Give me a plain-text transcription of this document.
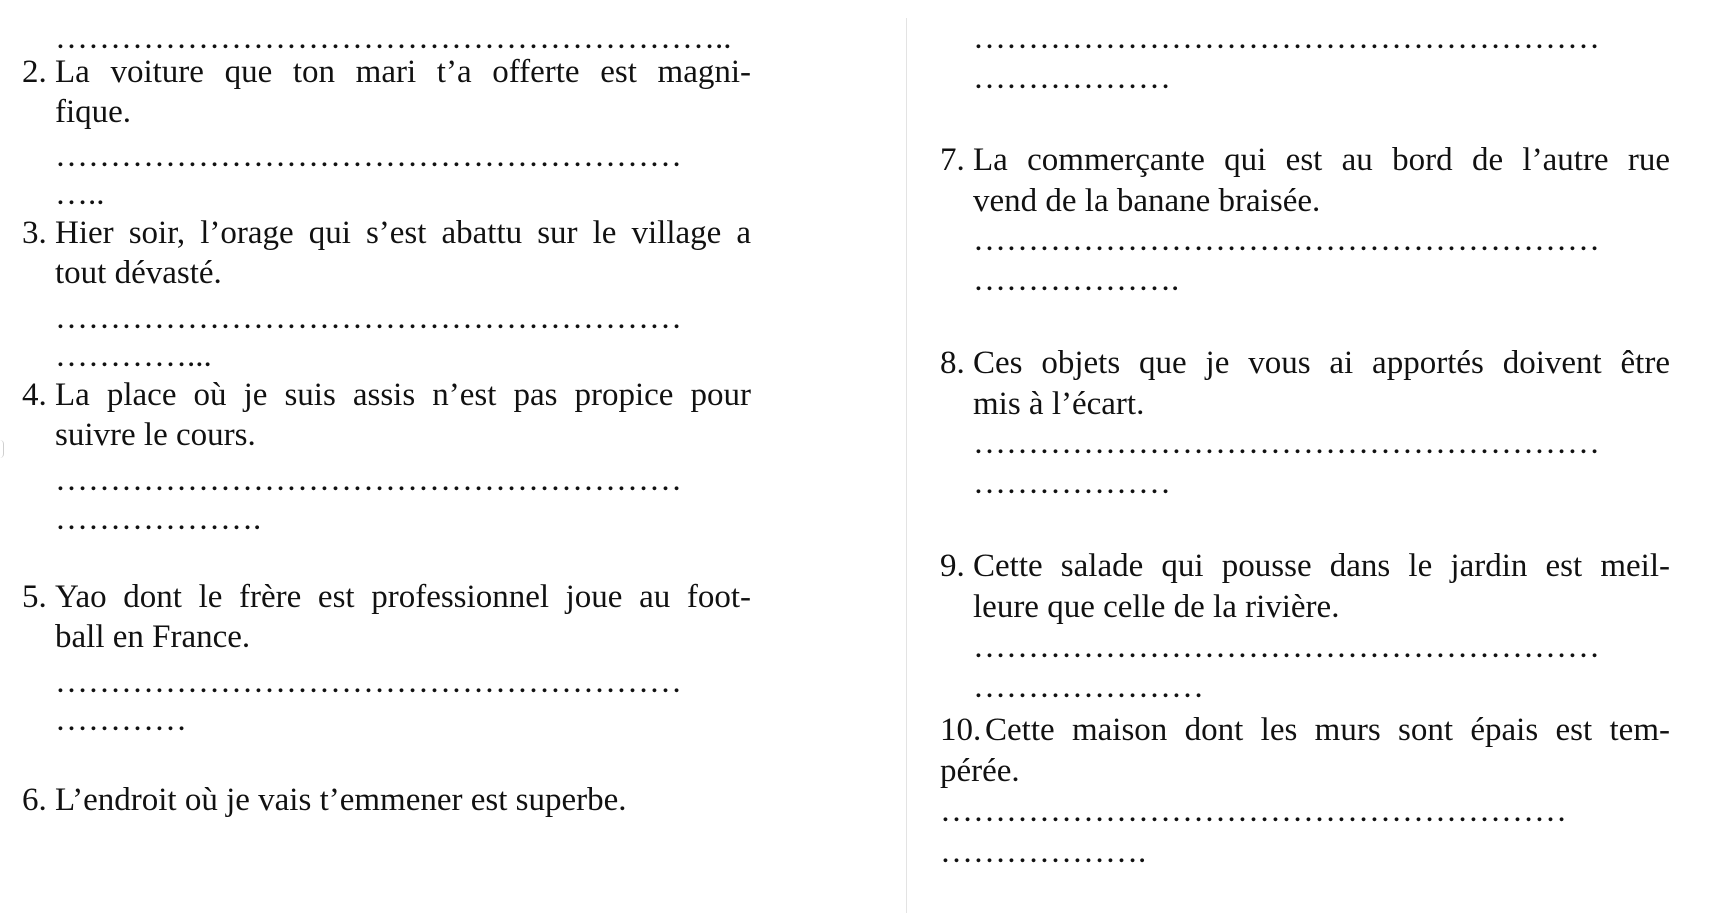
……………………………………………………..
2. La voiture que ton mari t’a offerte est magni-
fique.
…………………………………………………
…..
3. Hier soir, l’orage qui s’est abattu sur le village a
tout dévasté.
…………………………………………………
…………...
4. La place où je suis assis n’est pas propice pour
suivre le cours.
…………………………………………………
……………….
5. Yao dont le frère est professionnel joue au foot-
ball en France.
…………………………………………………
…………
6. L’endroit où je vais t’emmener est superbe.
…………………………………………………
………………
7. La commerçante qui est au bord de l’autre rue
vend de la banane braisée.
…………………………………………………
……………….
8. Ces objets que je vous ai apportés doivent être
mis à l’écart.
…………………………………………………
………………
9. Cette salade qui pousse dans le jardin est meil-
leure que celle de la rivière.
…………………………………………………
…………………
10. Cette maison dont les murs sont épais est tem-
pérée.
…………………………………………………
……………….
